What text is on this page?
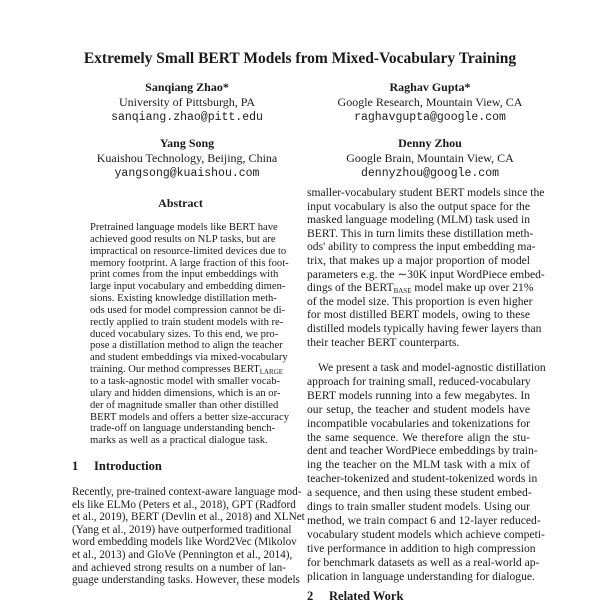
Extremely Small BERT Models from Mixed-Vocabulary Training
Sanqiang Zhao*
University of Pittsburgh, PA
sanqiang.zhao@pitt.edu
Raghav Gupta*
Google Research, Mountain View, CA
raghavgupta@google.com
Yang Song
Kuaishou Technology, Beijing, China
yangsong@kuaishou.com
Denny Zhou
Google Brain, Mountain View, CA
dennyzhou@google.com
Abstract
Pretrained language models like BERT have
achieved good results on NLP tasks, but are
impractical on resource-limited devices due to
memory footprint. A large fraction of this foot-
print comes from the input embeddings with
large input vocabulary and embedding dimen-
sions. Existing knowledge distillation meth-
ods used for model compression cannot be di-
rectly applied to train student models with re-
duced vocabulary sizes. To this end, we pro-
pose a distillation method to align the teacher
and student embeddings via mixed-vocabulary
training. Our method compresses $BERT_{LARGE}$
to a task-agnostic model with smaller vocab-
ulary and hidden dimensions, which is an or-
der of magnitude smaller than other distilled
BERT models and offers a better size-accuracy
trade-off on language understanding bench-
marks as well as a practical dialogue task.
1 Introduction
Recently, pre-trained context-aware language mod-
els like ELMo (Peters et al., 2018), GPT (Radford
et al., 2019), BERT (Devlin et al., 2018) and XLNet
(Yang et al., 2019) have outperformed traditional
word embedding models like Word2Vec (Mikolov
et al., 2013) and GloVe (Pennington et al., 2014),
and achieved strong results on a number of lan-
guage understanding tasks. However, these models
smaller-vocabulary student BERT models since the
input vocabulary is also the output space for the
masked language modeling (MLM) task used in
BERT. This in turn limits these distillation meth-
ods' ability to compress the input embedding ma-
trix, that makes up a major proportion of model
parameters e.g. the ∼30K input WordPiece embed-
dings of the $BERT_{BASE}$ model make up over 21%
of the model size. This proportion is even higher
for most distilled BERT models, owing to these
distilled models typically having fewer layers than
their teacher BERT counterparts.
We present a task and model-agnostic distillation
approach for training small, reduced-vocabulary
BERT models running into a few megabytes. In
our setup, the teacher and student models have
incompatible vocabularies and tokenizations for
the same sequence. We therefore align the stu-
dent and teacher WordPiece embeddings by train-
ing the teacher on the MLM task with a mix of
teacher-tokenized and student-tokenized words in
a sequence, and then using these student embed-
dings to train smaller student models. Using our
method, we train compact 6 and 12-layer reduced-
vocabulary student models which achieve competi-
tive performance in addition to high compression
for benchmark datasets as well as a real-world ap-
plication in language understanding for dialogue.
2 Related Work
